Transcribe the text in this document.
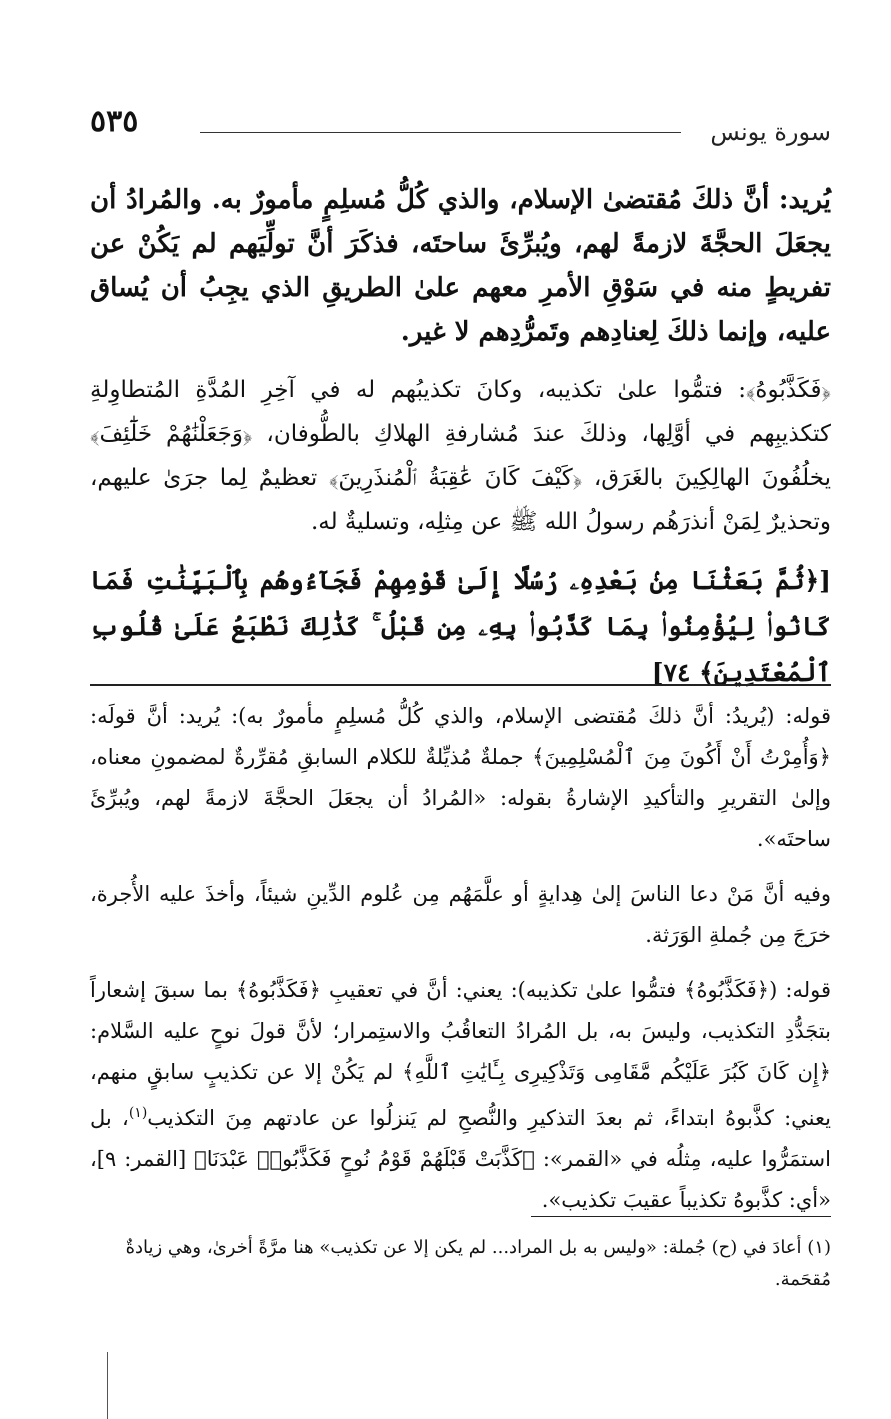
سورة يونس
٥٣٥

يُريد: أنَّ ذلكَ مُقتضىٰ الإسلام، والذي كُلُّ مُسلِمٍ مأمورٌ به. والمُرادُ أن يجعَلَ الحجَّةَ لازمةً لهم، ويُبرِّئَ ساحتَه، فذكَرَ أنَّ تولِّيَهم لم يَكُنْ عن تفريطٍ منه في سَوْقِ الأمرِ معهم علىٰ الطريقِ الذي يجِبُ أن يُساق عليه، وإنما ذلكَ لِعنادِهم وتَمرُّدِهم لا غير.

﴿فَكَذَّبُوهُ﴾: فتمُّوا علىٰ تكذيبه، وكانَ تكذيبُهم له في آخِرِ المُدَّةِ المُتطاوِلةِ كتكذيبِهم في أوَّلِها، وذلكَ عندَ مُشارفةِ الهلاكِ بالطُّوفان، ﴿وَجَعَلْنَٰهُمْ خَلَٰٓئِفَ﴾ يخلُفُونَ الهالِكِينَ بالغَرَق، ﴿كَيْفَ كَانَ عَٰقِبَةُ ٱلْمُنذَرِينَ﴾ تعظيمٌ لِما جرَىٰ عليهم، وتحذيرٌ لِمَنْ أنذرَهُم رسولُ الله ﷺ عن مِثلِه، وتسليةٌ له.

[﴿ثُمَّ بَعَثْنَا مِنۢ بَعْدِهِۦ رُسُلًا إِلَىٰ قَوْمِهِمْ فَجَآءُوهُم بِٱلْبَيِّنَٰتِ فَمَا كَانُوا۟ لِيُؤْمِنُوا۟ بِمَا كَذَّبُوا۟ بِهِۦ مِن قَبْلُ ۚ كَذَٰلِكَ نَطْبَعُ عَلَىٰ قُلُوبِ ٱلْمُعْتَدِينَ﴾ ٧٤]

قوله: (يُريدُ: أنَّ ذلكَ مُقتضى الإسلام، والذي كُلُّ مُسلِمٍ مأمورٌ به): يُريد: أنَّ قولَه: ﴿وَأُمِرْتُ أَنْ أَكُونَ مِنَ ٱلْمُسْلِمِينَ﴾ جملةٌ مُذيِّلةٌ للكلام السابقِ مُقرِّرةٌ لمضمونِ معناه، وإلىٰ التقريرِ والتأكيدِ الإشارةُ بقوله: «المُرادُ أن يجعَلَ الحجَّةَ لازمةً لهم، ويُبرِّئَ ساحتَه».

وفيه أنَّ مَنْ دعا الناسَ إلىٰ هِدايةٍ أو علَّمَهُم مِن عُلوم الدِّينِ شيئاً، وأخذَ عليه الأُجرة، خرَجَ مِن جُملةِ الوَرَثة.

قوله: (﴿فَكَذَّبُوهُ﴾ فتمُّوا علىٰ تكذيبه): يعني: أنَّ في تعقيبِ ﴿فَكَذَّبُوهُ﴾ بما سبقَ إشعاراً بتجَدُّدِ التكذيب، وليسَ به، بل المُرادُ التعاقُبُ والاستِمرار؛ لأنَّ قولَ نوحٍ عليه السَّلام: ﴿إِن كَانَ كَبُرَ عَلَيْكُم مَّقَامِى وَتَذْكِيرِى بِـَٔايَٰتِ ٱللَّهِ﴾ لم يَكُنْ إلا عن تكذيبٍ سابقٍ منهم، يعني: كذَّبوهُ ابتداءً، ثم بعدَ التذكيرِ والنُّصحِ لم يَنزلُوا عن عادتهم مِنَ التكذيب$^{(١)}$، بل استمَرُّوا عليه، مِثلُه في «القمر»: ﴿كَذَّبَتْ قَبْلَهُمْ قَوْمُ نُوحٍ فَكَذَّبُوا۟ عَبْدَنَا﴾ [القمر: ٩]، «أي: كذَّبوهُ تكذيباً عقيبَ تكذيب».

(١) أعادَ في (ح) جُملة: «وليس به بل المراد... لم يكن إلا عن تكذيب» هنا مرَّةً أخرىٰ، وهي زيادةٌ مُقحَمة.
